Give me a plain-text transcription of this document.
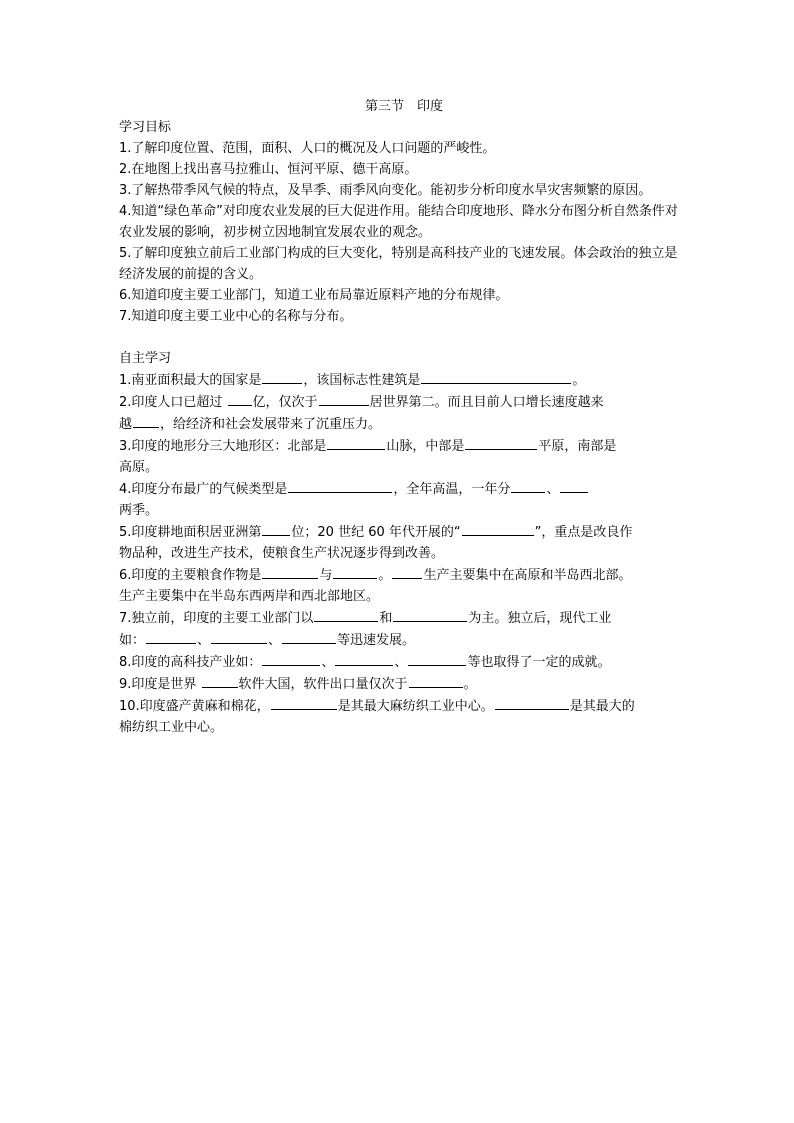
第三节　印度
学习目标
1.了解印度位置、范围，面积、人口的概况及人口问题的严峻性。
2.在地图上找出喜马拉雅山、恒河平原、德干高原。
3.了解热带季风气候的特点，及旱季、雨季风向变化。能初步分析印度水旱灾害频繁的原因。
4.知道“绿色革命”对印度农业发展的巨大促进作用。能结合印度地形、降水分布图分析自然条件对农业发展的影响，初步树立因地制宜发展农业的观念。
5.了解印度独立前后工业部门构成的巨大变化，特别是高科技产业的飞速发展。体会政治的独立是经济发展的前提的含义。
6.知道印度主要工业部门，知道工业布局靠近原料产地的分布规律。
7.知道印度主要工业中心的名称与分布。
自主学习
1.南亚面积最大的国家是	，该国标志性建筑是	。
2.印度人口已超过 亿，仅次于	居世界第二。而且目前人口增长速度越来
越 ，给经济和社会发展带来了沉重压力。
3.印度的地形分三大地形区：北部是	山脉，中部是	平原，南部是
高原。
4.印度分布最广的气候类型是	，全年高温，一年分	、
两季。
5.印度耕地面积居亚洲第 位；20 世纪 60 年代开展的“	”，重点是改良作
物品种，改进生产技术，使粮食生产状况逐步得到改善。
6.印度的主要粮食作物是	与	。 生产主要集中在高原和半岛西北部。
生产主要集中在半岛东西两岸和西北部地区。
7.独立前，印度的主要工业部门以	和	为主。独立后，现代工业
如：	、	、	等迅速发展。
8.印度的高科技产业如：	、	、	等也取得了一定的成就。
9.印度是世界	软件大国，软件出口量仅次于	。
10.印度盛产黄麻和棉花，	是其最大麻纺织工业中心。	是其最大的
棉纺织工业中心。
